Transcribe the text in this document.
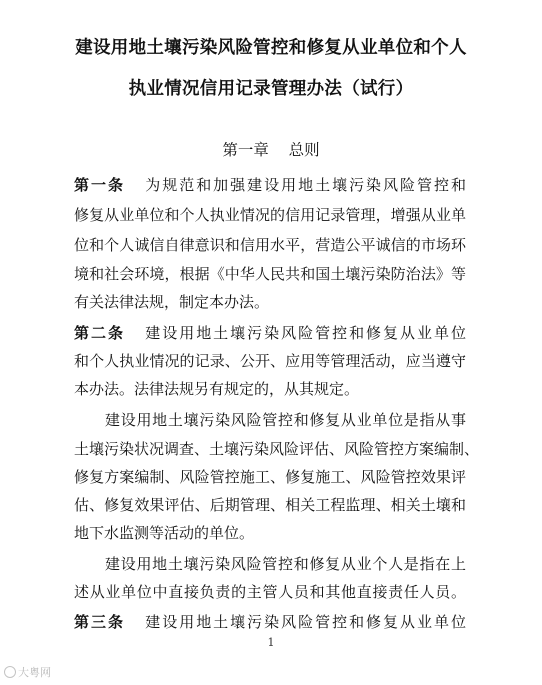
建设用地土壤污染风险管控和修复从业单位和个人
执业情况信用记录管理办法（试行）
第一章    总则
第一条 为规范和加强建设用地土壤污染风险管控和
修复从业单位和个人执业情况的信用记录管理，增强从业单
位和个人诚信自律意识和信用水平，营造公平诚信的市场环
境和社会环境，根据《中华人民共和国土壤污染防治法》等
有关法律法规，制定本办法。
第二条 建设用地土壤污染风险管控和修复从业单位
和个人执业情况的记录、公开、应用等管理活动，应当遵守
本办法。法律法规另有规定的，从其规定。
建设用地土壤污染风险管控和修复从业单位是指从事
土壤污染状况调查、土壤污染风险评估、风险管控方案编制、
修复方案编制、风险管控施工、修复施工、风险管控效果评
估、修复效果评估、后期管理、相关工程监理、相关土壤和
地下水监测等活动的单位。
建设用地土壤污染风险管控和修复从业个人是指在上
述从业单位中直接负责的主管人员和其他直接责任人员。
第三条 建设用地土壤污染风险管控和修复从业单位
1
大粤网
